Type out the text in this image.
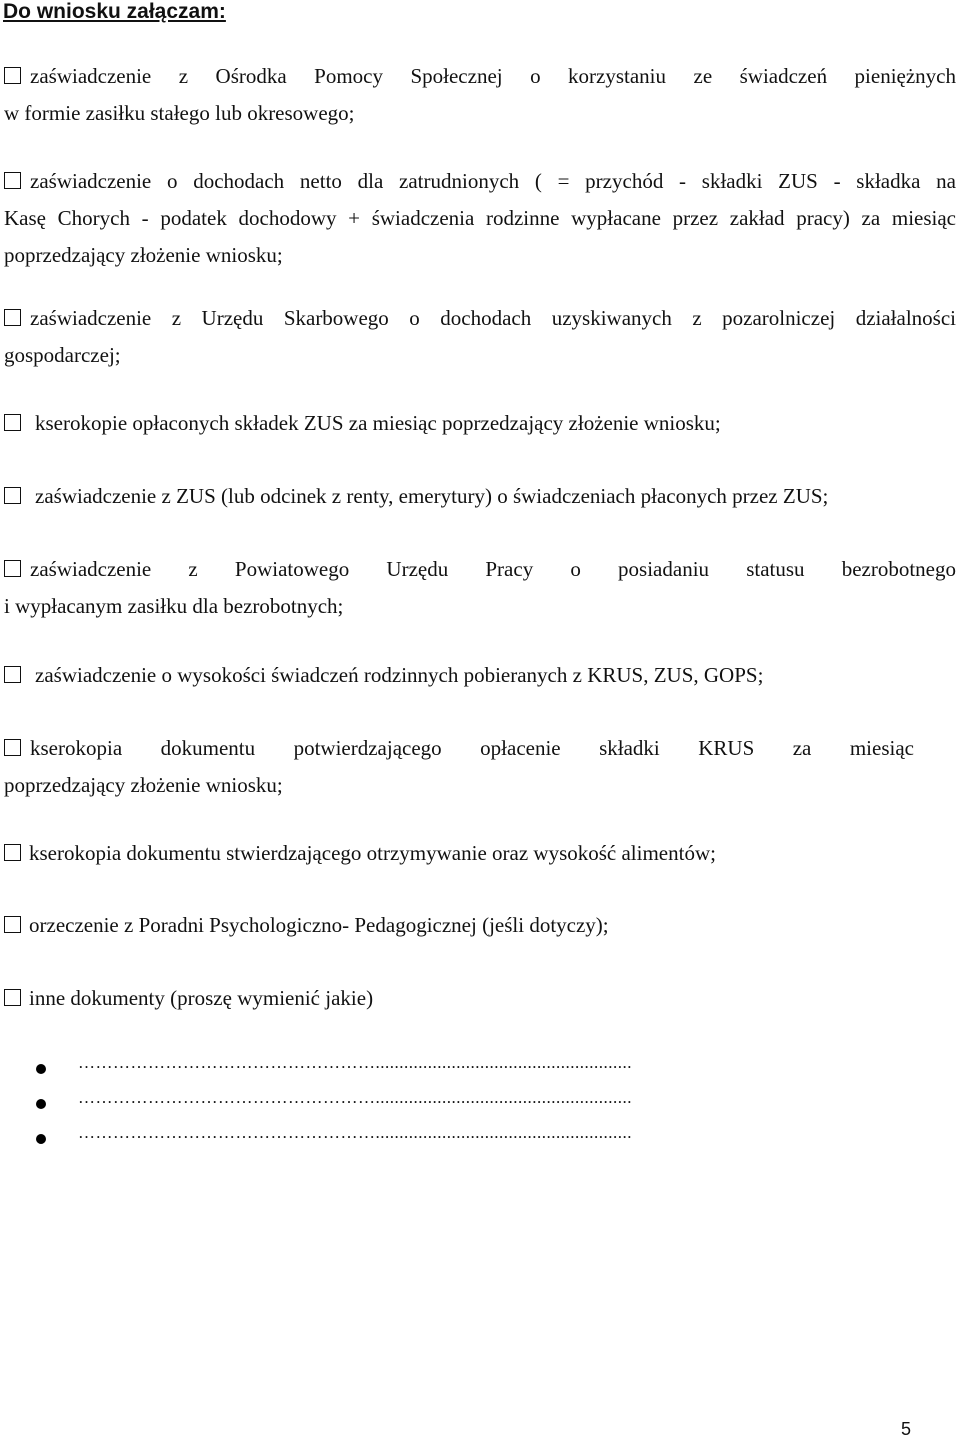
Do wniosku załączam:
zaświadczenie z Ośrodka Pomocy Społecznej o korzystaniu ze świadczeń pieniężnych
w formie zasiłku stałego lub okresowego;
zaświadczenie o dochodach netto dla zatrudnionych ( = przychód - składki ZUS - składka na
Kasę Chorych - podatek dochodowy + świadczenia rodzinne wypłacane przez zakład pracy) za miesiąc poprzedzający złożenie wniosku;
zaświadczenie z Urzędu Skarbowego o dochodach uzyskiwanych z pozarolniczej działalności
gospodarczej;
kserokopie opłaconych składek ZUS za miesiąc poprzedzający złożenie wniosku;
zaświadczenie z ZUS (lub odcinek z renty, emerytury) o świadczeniach płaconych przez ZUS;
zaświadczenie z Powiatowego Urzędu Pracy o posiadaniu statusu bezrobotnego
i wypłacanym zasiłku dla bezrobotnych;
zaświadczenie o wysokości świadczeń rodzinnych pobieranych z KRUS, ZUS, GOPS;
kserokopia dokumentu potwierdzającego opłacenie składki KRUS za miesiąc
poprzedzający złożenie wniosku;
kserokopia dokumentu stwierdzającego otrzymywanie oraz wysokość alimentów;
orzeczenie z Poradni Psychologiczno- Pedagogicznej (jeśli dotyczy);
inne dokumenty (proszę wymienić jakie)
……………………………………………......................................................
……………………………………………......................................................
……………………………………………......................................................
5
